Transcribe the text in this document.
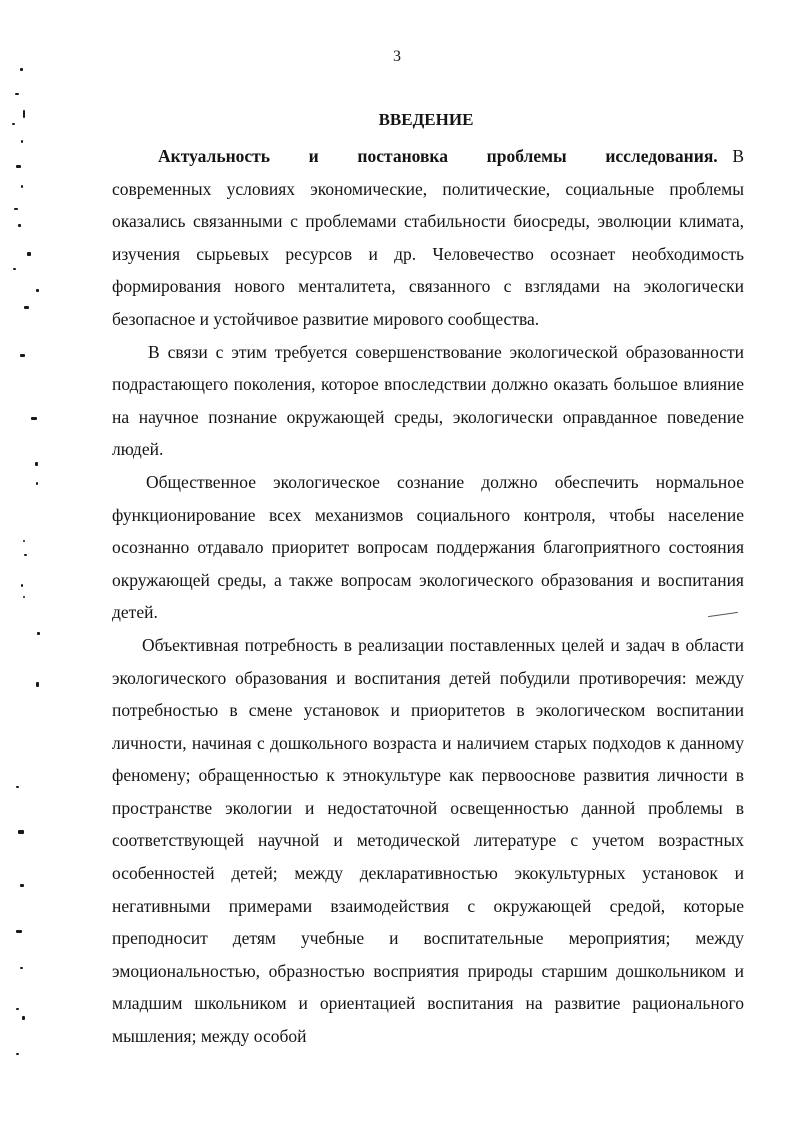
3
ВВЕДЕНИЕ

Актуальность и постановка проблемы исследования. В современных условиях экономические, политические, социальные проблемы оказались связанными с проблемами стабильности биосреды, эволюции климата, изучения сырьевых ресурсов и др. Человечество осознает необходимость формирования нового менталитета, связанного с взглядами на экологически безопасное и устойчивое развитие мирового сообщества.

В связи с этим требуется совершенствование экологической образованности подрастающего поколения, которое впоследствии должно оказать большое влияние на научное познание окружающей среды, экологически оправданное поведение людей.

Общественное экологическое сознание должно обеспечить нормальное функционирование всех механизмов социального контроля, чтобы население осознанно отдавало приоритет вопросам поддержания благоприятного состояния окружающей среды, а также вопросам экологического образования и воспитания детей.

Объективная потребность в реализации поставленных целей и задач в области экологического образования и воспитания детей побудили противоречия: между потребностью в смене установок и приоритетов в экологическом воспитании личности, начиная с дошкольного возраста и наличием старых подходов к данному феномену; обращенностью к этнокультуре как первооснове развития личности в пространстве экологии и недостаточной освещенностью данной проблемы в соответствующей научной и методической литературе с учетом возрастных особенностей детей; между декларативностью экокультурных установок и негативными примерами взаимодействия с окружающей средой, которые преподносит детям учебные и воспитательные мероприятия; между эмоциональностью, образностью восприятия природы старшим дошкольником и младшим школьником и ориентацией воспитания на развитие рационального мышления; между особой
